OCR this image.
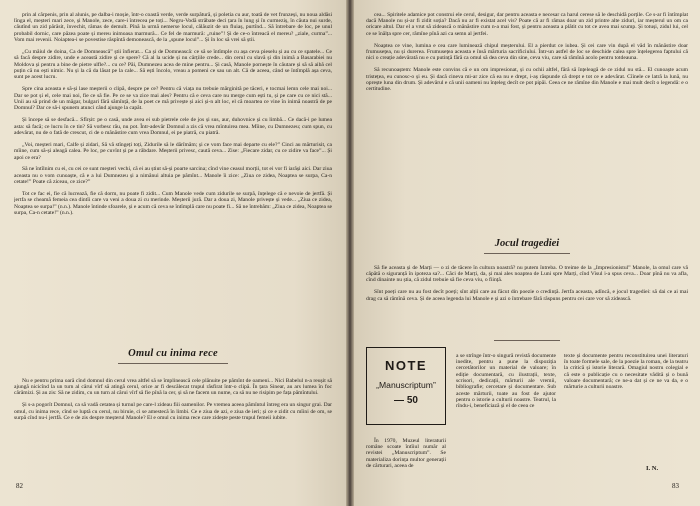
prin al cărpenis, prin al alunis, pe dalba-i moșie, într-o coastă verde, verde surpătură, și poletia cu aur, toată de vet frunzeși, nu noua aldăsi lînga el, meșteri mari zece, și Manole, zece, care-i întrecea pe toți... Negru-Vodă străbate deci țara în lung și în curmeziș, în căuta nui surde, căutînd un zid părăsit, învechit, rămas de demult. Pînă la urmă nemerse locul, călăuzit de un fluiaș, purtînd... Să întrebare de loc, pe unul probabil dornic, care păzea poate și mereu inimoasa marmură... Ce fel de marmură: „ruine”! Și de ce-o întreacă el mereu? „ziale, curma”... Vom mai revenii. Noiaptea-i se povestise răspîntă demonească, de la „spune locul”... Și în loc să vrei să știi.

„Cu măiul de doina, Ca de Domnească” știi înfierat... Ca și de Domnească: ce să se întîmple cu așa ceva pieselu și au cu ce spatele... Ce să facă despre zidire, unde e această zidire și ce spere? Că al la ucide și nu cărțiile crede... din cerul cu slavă și din inimă a Basarabiei nu Moldova și pentru a bine de pietre ulfle?... cu ce? Păi, Dumnezeu acea de mine pentru... Și casă, Manole pornește în căutare și să să aibă cel puțin că nu ești nimic. Nu și la că da lăsat pe la cale... Să ești încolo, vreau a pomeni ce sau un alt. Că de aceea, când se întîmplă așa ceva, sunt pe acest lucru.

Spre cina aceasta e să-și lase meșterii o clipă, despre pe ce? Pentru că viața nu trebuie mărginită pe tăceri, e tocmai lemn cele mai noi... Dar se pot și el, cele mai noi, fie ce să fie. Pe ce se va zice mai ales? Pentru că e ceva care nu merge cum ești tu, și pe care cu ce nici stă... Unii au să prind de un măgar, bulgari fără sămînță, de la poet ce mă privește și aici și-n alt loc, el că moartea ce vine în inimă noastră de pe Domnul? Dar ce să-i spunem atunci când ajunge la capăt.

Și începe să se desfacă... Sfîrșit: pe o casă, unde avea ei sub pietrele cele de jos și sus, aur, duhovnice și cu limbă... Ce dacă-i pe lumea asta: să facă; ce lucru în ce tin? Să vorbesc rău, nu pot. Într-adevăr Domnul a zis că vrea mîntuirea mea. Mîine, cu Dumnezeu; cum spun, cu adevărat, nu de o fată de crescut, ci de o mănăstire cum vrea Domnul, ei pe piatră, cu piatră.

„Voi, meșteri mari, Calfe și zidari, Să vă stîngeți toți, Zidurile să le dărîmăm; și ce vom face mai departe cu ele?” Cinci au mărturisit, ca mîine, cum să-și aleagă calea. Pe loc, pe cuvînt și pe a răbdare. Meșterii privesc, caută ceva... Zise: „Fiecare zidar, cu ce zidire va face”... Și apoi ce era?

Să ne întîlnim cu ei, cu cei ce sunt meșteri vechi, că ei au știut să-și poarte sarcina; cînd vine ceasul morții, tot ei vor fi iarăși aici. Dar ziua aceasta nu o vom cunoaște, că e a lui Dumnezeu și a nimănui altuia pe pămînt... Manole îi zice: „Ziua ce zidea, Noaptea se surpa, Ca-n cetate!” Poate că ziceau, ce zice?”

Tot ce fac ei, fie că lucrează, fie că dorm, nu poate fi zidit... Cum Manole vede cum zidurile se surpă, înțelege că e nevoie de jertfă. Și jertfa se cheamă femeia cea dintîi care va veni a doua zi cu merinde. Meșterii jură. Dar a doua zi, Manole privește și vede... „Ziua ce zidea, Noaptea se surpa!” (n.n.). Manole întinde sfoarele, și e acum că ceva se întîmplă care nu poate fi... Să ne întrebăm: „Ziua ce zidea, Noaptea se surpa, Ca-n cetate!” (n.n.).

Omul cu inima rece

Nu e pentru prima oară cînd domnul din cerul vrea altfel să se împlinească cele plănuite pe pămînt de oameni... Nici Babelul n-a reușit să ajungă nicicînd la un turn al cărui vîrf să atingă cerul, orice ar fi descălecat trupul răsfirat într-o clipă. În țara Sinear, au ars lumea în foc cărămizi. Și au zis: Să ne zidim, cu un turn al cărui vîrf să fie pînă la cer, și să ne facem un nume, ca să nu ne risipim pe fața pămîntului.

Și s-a pogorît Domnul, ca să vadă cetatea și turnul pe care-l zideau fiii oamenilor. Pe vremea aceea pămîntul întreg era un singur grai. Dar omul, cu inima rece, cînd se luptă cu cerul, nu biruie, ci se amestecă în limbi. Ce e ziua de azi, e ziua de ieri; și ce e zidit cu mîini de om, se surpă cînd nu-i jertfă. Ce e de zis despre meșterul Manole? El e omul cu inima rece care zidește peste trupul femeii iubite.

82

cea... Spiritele adamice pot construi ele cerul, desigur, dar pentru aceasta e necesar ca harul cerese să le deschidă porțile. Ce s-ar fi întîmplat dacă Manole nu și-ar fi zidit soția? Dacă nu ar fi existat acel vis? Poate că ar fi rămas doar un zid printre alte ziduri, iar meșterul un om ca oricare altul. Dar el a vrut să zidească o mănăstire cum n-a mai fost, și pentru aceasta a plătit cu tot ce avea mai scump. Și totuși, zidul lui, cel ce se înălța spre cer, rămîne pînă azi ca semn al jertfei.

Noaptea ce vine, lumina e cea care luminează chipul meșterului. El a pierdut ce iubea. Și cei care vin după el văd în mănăstire doar frumusețea, nu și durerea. Frumusețea aceasta e însă mărturia sacrificiului. Într-un astfel de loc se deschide calea spre înțelegerea faptului că nici o creație adevărată nu e cu putință fără ca omul să dea ceva din sine, ceva viu, care să rămînă acolo pentru totdeauna.

Să recunoaștem: Manole este convins că e un om impresionat, și cu ochii altfel, fără să înțeleagă de ce zidul nu stă... El cunoaște acum tristețea, eu cunosc-o și eu. Și dacă cineva mi-ar zice că ea nu e drept, i-aș răspunde că drept e tot ce e adevărat. Cîinele ce latră la lună, nu oprește luna din drum. Și adevărul e că unii oameni nu înțeleg decît ce pot pipăi. Ceea ce ne rămîne din Manole e mai mult decît o legendă: e o certitudine.

Jocul tragediei

Să fie aceasta și de Marți — o zi de tăcere în cultura noastră? nu putem întreba. O treime de la „Impresionistul” Manole, la omul care vă căpătă o siguranță în ipoteza sa?... Căci de Marți, da, și mai ales noaptea de Luni spre Marți, cînd Visul i-a spus ceva... Doar pînă nu va afla, cînd dinainte nu știa, că zidul trebuie să fie ceva viu, o ființă.

Sînt poeți care nu au fost decît poeți; sînt alții care au făcut din poezie o credință. Jertfa aceasta, adîncă, e jocul tragediei: să dai ce ai mai drag ca să rămînă ceva. Și de aceea legenda lui Manole e și azi o întrebare fără răspuns pentru cei care vor să zidească.

NOTE
„Manuscriptum”
— 50

În 1970, Muzeul literaturii române scoate întîiul număr al revistei „Manuscriptum”. Se materializa dorința multor generații de cărturari, aceea de

a se strînge într-o singură revistă documente inedite, pentru a pune la dispoziția cercetătorilor un material de valoare; în ediție documentară, cu ilustrații, texte, scrisori, dedicații, mărturii ale vremii, bibliografie; cercetare și documentare. Sub aceste mărturii, toate au fost de ajutor pentru o istorie a culturii noastre. Teatrul, la rîndu-i, beneficiază și el de ceea ce

texte și documente pentru reconstituirea unei literaturi în toate formele sale, de la poezie la roman, de la teatru la critică și istorie literară. Omagiul nostru colegial e că este o publicație cu o necesitate vădită și o bună valoare documentară; ce ne-a dat și ce ne va da, e o mărturie a culturii noastre.

I. N.
83
